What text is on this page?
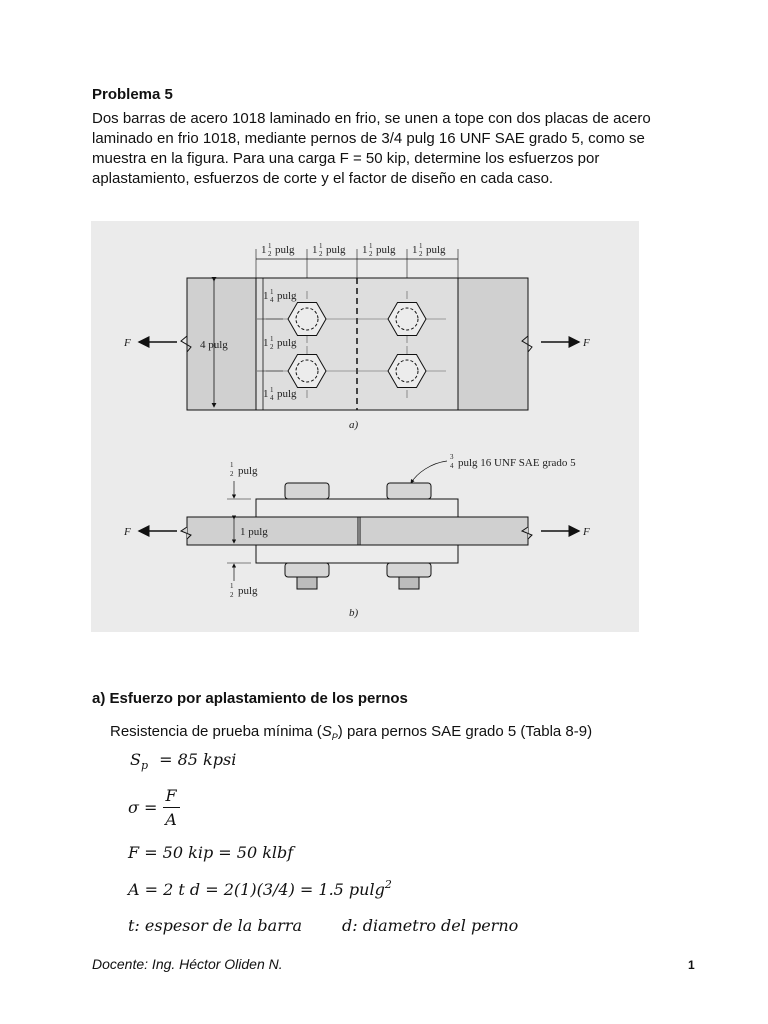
Problema 5
Dos barras de acero 1018 laminado en frio, se unen a tope con dos placas de acero
laminado en frio 1018, mediante pernos de 3/4 pulg 16 UNF SAE grado 5, como se
muestra en la figura. Para una carga F = 50 kip, determine los esfuerzos por
aplastamiento, esfuerzos de corte y el factor de diseño en cada caso.
1 1
2 pulg 1 1
2 pulg 1 1
2 pulg 1 1
2 pulg
1 1
4 pulg
1 1
2 pulg
1 1
4 pulg
4 pulg
F	F
a)
1
2 pulg
1 pulg
1
2 pulg
3
4 pulg 16 UNF SAE grado 5
F	F
b)
a) Esfuerzo por aplastamiento de los pernos
Resistencia de prueba mínima $(S_P)$ para pernos SAE grado 5 (Tabla 8-9)
$S_p = 85$ kpsi
$\sigma = \frac{F}{A}$
F = 50 kip = 50 klbf
A = 2 t d = 2(1)(3/4) = 1.5 pulg$^2$
t: espesor de la barra d: diametro del perno
Docente: Ing. Héctor Oliden N.	1
